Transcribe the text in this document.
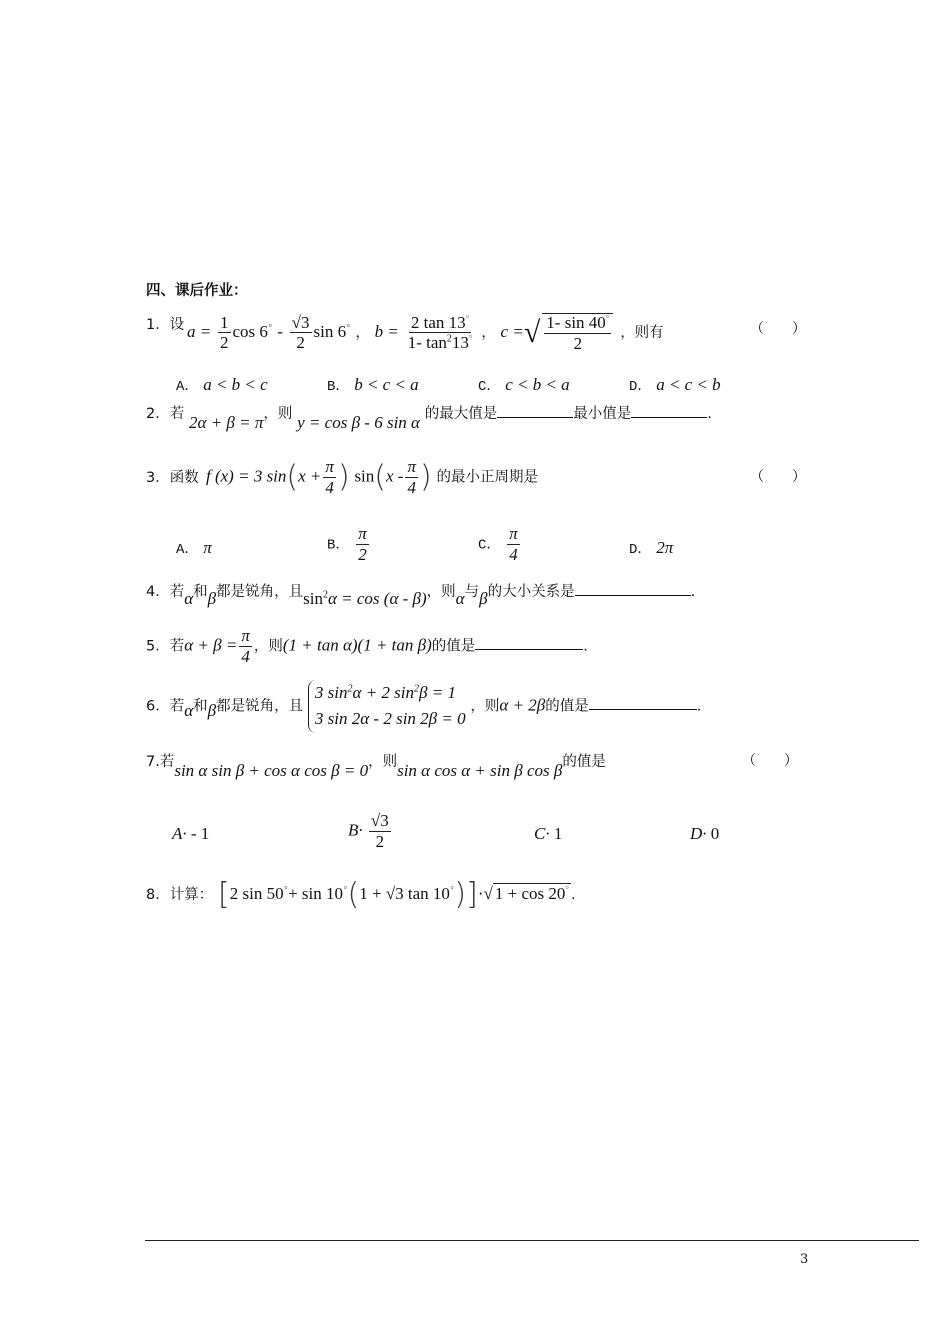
四、课后作业：
1．设 $a = \frac{1}{2}$ $\cos 6^\circ - \frac{√3}{2}$ sin 6° ， $b = \frac{2 \tan 13^\circ}{1- \tan^213^\circ}$ ， c =√ $\frac{1- \sin 40^\circ}{2}$ ，则有	（　　）
A． a < b < c	B． b < c < a	C． c < b < a	D． a < c < b
2．若 2α + β = π，则 y = cos β - 6 sin α 的最大值是	最小值是	.
3．函数 f (x) = 3 $\sin(x + \frac{\pi}{4}$ ) $\sin(x - \frac{\pi}{4}$ ) 的最小正周期是	（　　）
A． π	B． $\frac{\pi}{2}$	C． $\frac{\pi}{4}$	D． 2π
4．若α和β都是锐角，且$\sin^2\alpha = \cos (\alpha - \beta)$，则α与β的大小关系是	.
5．若$\alpha + \beta = \frac{\pi}{4}$ ，则(1 + tan α)(1 + tan β)的值是	.
6．若α和β都是锐角，且 3 $\sin^2\alpha + 2$ $\sin^2\beta = 1$
3 sin 2α - 2 sin 2β = 0 ，则α + 2β的值是	.
7.若sin α sin β + cos α cos β = 0，则sin α cos α + sin β cos β的值是	（　　）
A· - 1	$B\cdot \frac{√3}{2}$	C· 1	D· 0
8．计算： [2 sin 50°+ sin 10°(1 + √3 tan 10°)]·√ 1 + cos 20° .
3
